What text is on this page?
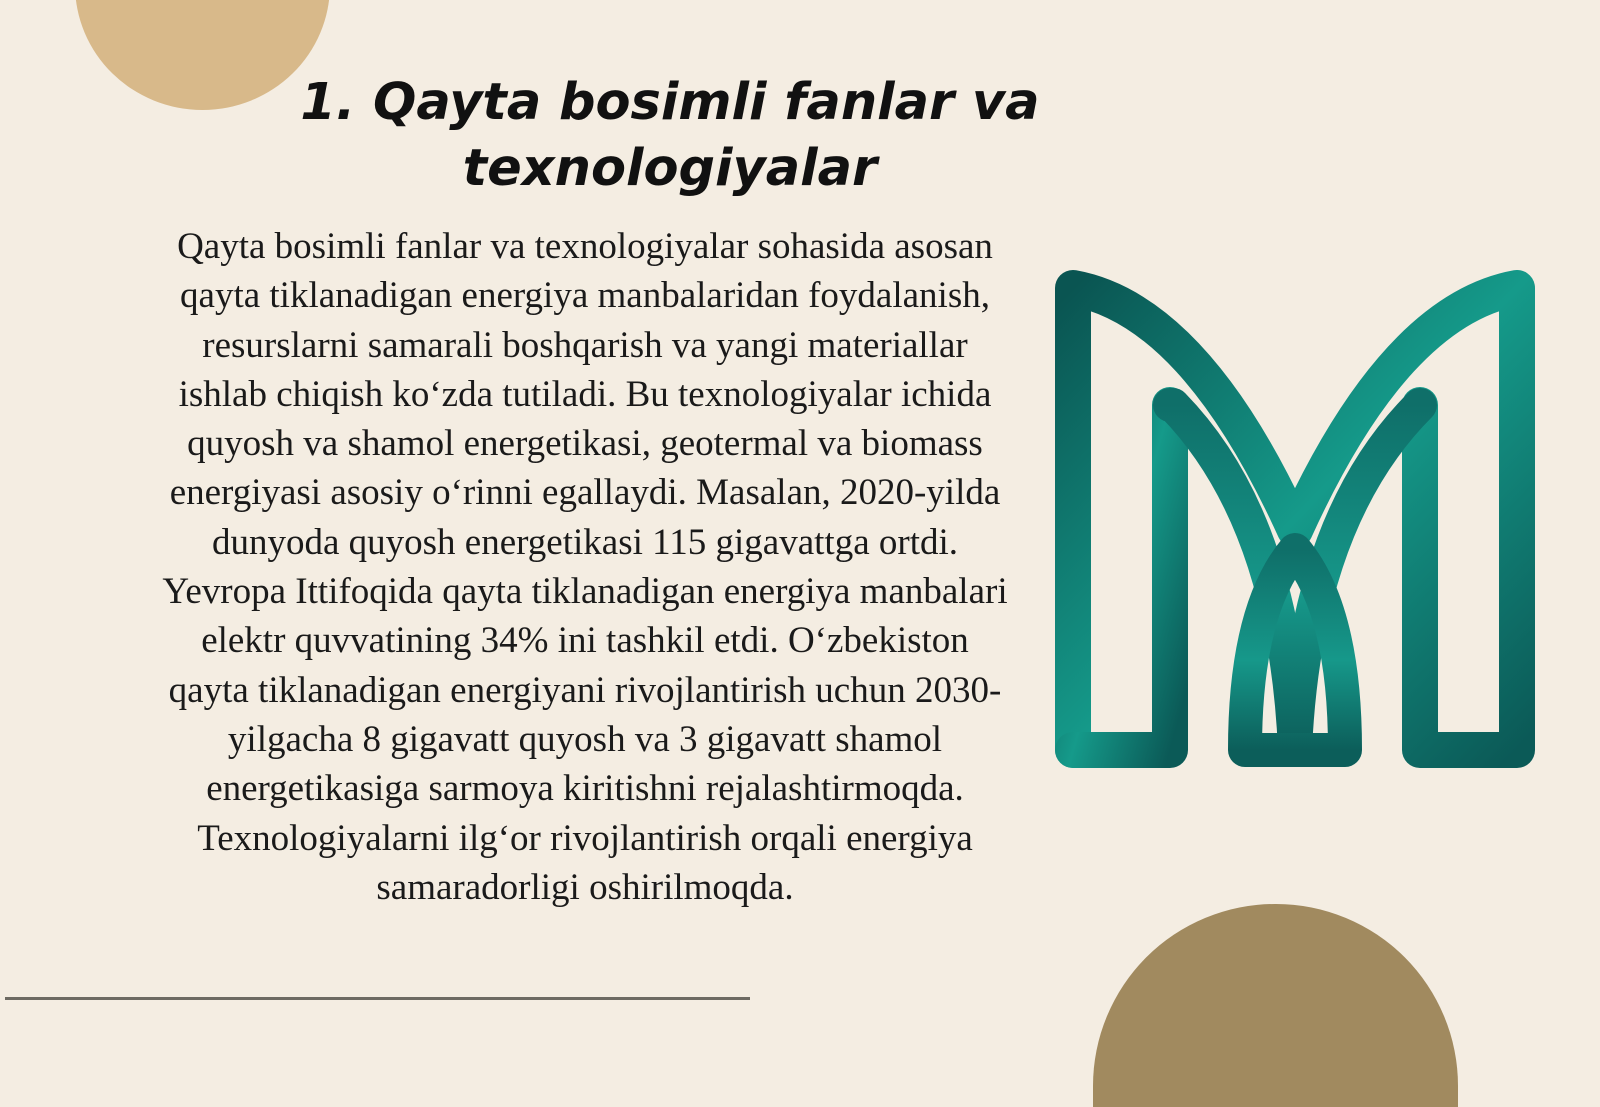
1. Qayta bosimli fanlar va texnologiyalar
Qayta bosimli fanlar va texnologiyalar sohasida asosan qayta tiklanadigan energiya manbalaridan foydalanish, resurslarni samarali boshqarish va yangi materiallar ishlab chiqish ko‘zda tutiladi. Bu texnologiyalar ichida quyosh va shamol energetikasi, geotermal va biomass energiyasi asosiy o‘rinni egallaydi. Masalan, 2020-yilda dunyoda quyosh energetikasi 115 gigavattga ortdi. Yevropa Ittifoqida qayta tiklanadigan energiya manbalari elektr quvvatining 34% ini tashkil etdi. O‘zbekiston qayta tiklanadigan energiyani rivojlantirish uchun 2030-yilgacha 8 gigavatt quyosh va 3 gigavatt shamol energetikasiga sarmoya kiritishni rejalashtirmoqda. Texnologiyalarni ilg‘or rivojlantirish orqali energiya samaradorligi oshirilmoqda.
